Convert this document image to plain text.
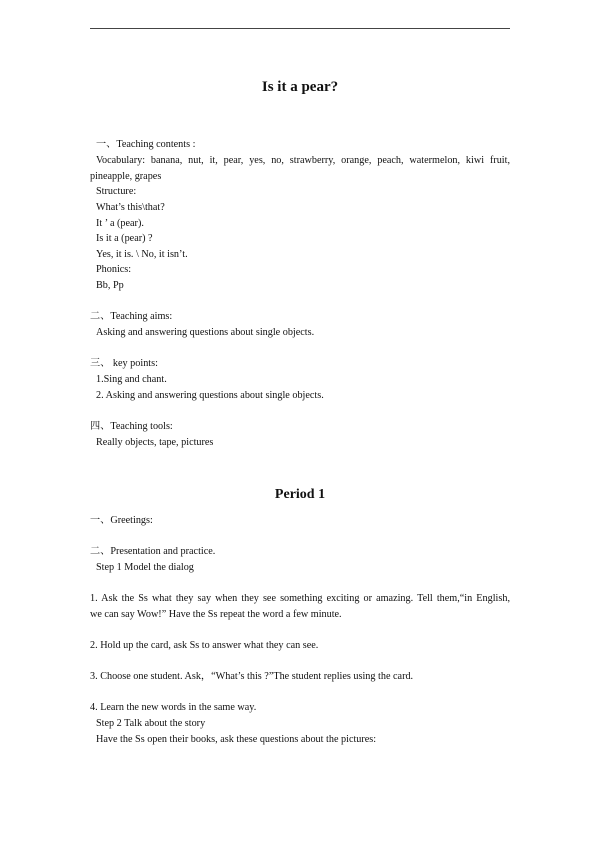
Is it a pear?
一、Teaching contents :
Vocabulary: banana, nut, it, pear, yes, no, strawberry, orange, peach, watermelon, kiwi fruit,
pineapple, grapes
Structure:
What’s this\that?
It ’ a (pear).
Is it a (pear) ?
Yes, it is. \ No, it isn’t.
Phonics:
Bb, Pp
二、Teaching aims:
Asking and answering questions about single objects.
三、 key points:
1.Sing and chant.
2. Asking and answering questions about single objects.
四、Teaching tools:
Really objects, tape, pictures
Period 1
一、Greetings:
二、Presentation and practice.
Step 1 Model the dialog
1. Ask the Ss what they say when they see something exciting or amazing. Tell them,“in English,
we can say Wow!” Have the Ss repeat the word a few minute.
2. Hold up the card, ask Ss to answer what they can see.
3. Choose one student. Ask，“What’s this ?”The student replies using the card.
4. Learn the new words in the same way.
Step 2 Talk about the story
Have the Ss open their books, ask these questions about the pictures:
